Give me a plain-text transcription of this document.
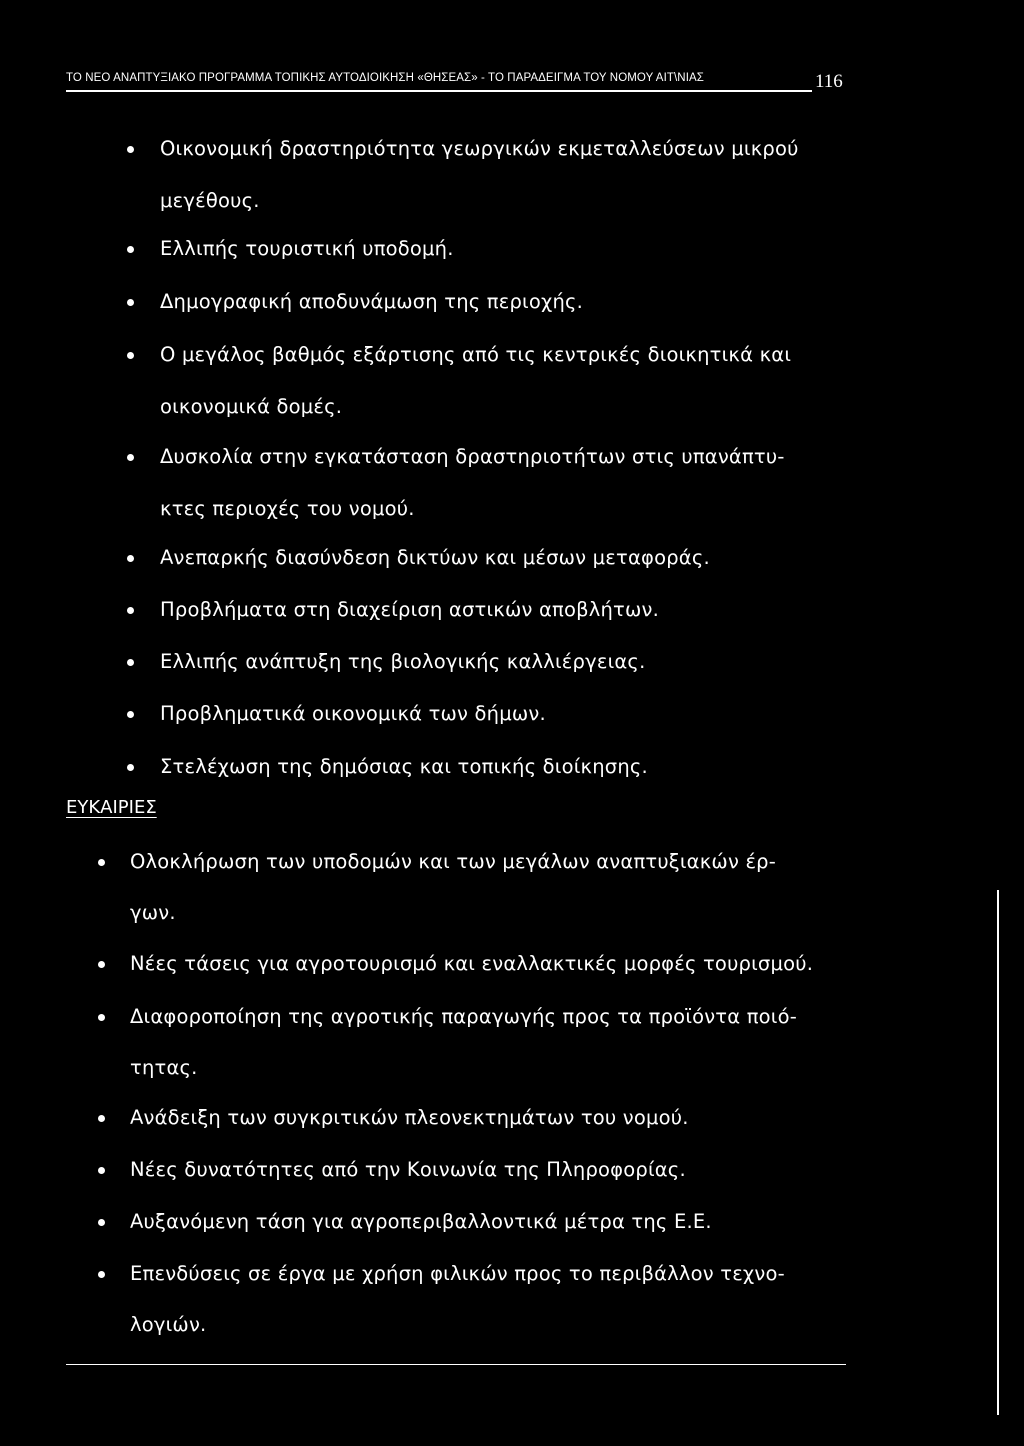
ΤΟ ΝΕΟ ΑΝΑΠΤΥΞΙΑΚΟ ΠΡΟΓΡΑΜΜΑ ΤΟΠΙΚΗΣ ΑΥΤΟΔΙΟΙΚΗΣΗ «ΘΗΣΕΑΣ» - ΤΟ ΠΑΡΑΔΕΙΓΜΑ ΤΟΥ ΝΟΜΟΥ ΑΙΤ\ΝΙΑΣ	116
Οικονομική δραστηριότητα γεωργικών εκμεταλλεύσεων μικρού
μεγέθους.
Ελλιπής τουριστική υποδομή.
Δημογραφική αποδυνάμωση της περιοχής.
Ο μεγάλος βαθμός εξάρτισης από τις κεντρικές διοικητικά και
οικονομικά δομές.
Δυσκολία στην εγκατάσταση δραστηριοτήτων στις υπανάπτυ-
κτες περιοχές του νομού.
Ανεπαρκής διασύνδεση δικτύων και μέσων μεταφοράς.
Προβλήματα στη διαχείριση αστικών αποβλήτων.
Ελλιπής ανάπτυξη της βιολογικής καλλιέργειας.
Προβληματικά οικονομικά των δήμων.
Στελέχωση της δημόσιας και τοπικής διοίκησης.
ΕΥΚΑΙΡΙΕΣ
Ολοκλήρωση των υποδομών και των μεγάλων αναπτυξιακών έρ-
γων.
Νέες τάσεις για αγροτουρισμό και εναλλακτικές μορφές τουρισμού.
Διαφοροποίηση της αγροτικής παραγωγής προς τα προϊόντα ποιό-
τητας.
Ανάδειξη των συγκριτικών πλεονεκτημάτων του νομού.
Νέες δυνατότητες από την Κοινωνία της Πληροφορίας.
Αυξανόμενη τάση για αγροπεριβαλλοντικά μέτρα της Ε.Ε.
Επενδύσεις σε έργα με χρήση φιλικών προς το περιβάλλον τεχνο-
λογιών.
